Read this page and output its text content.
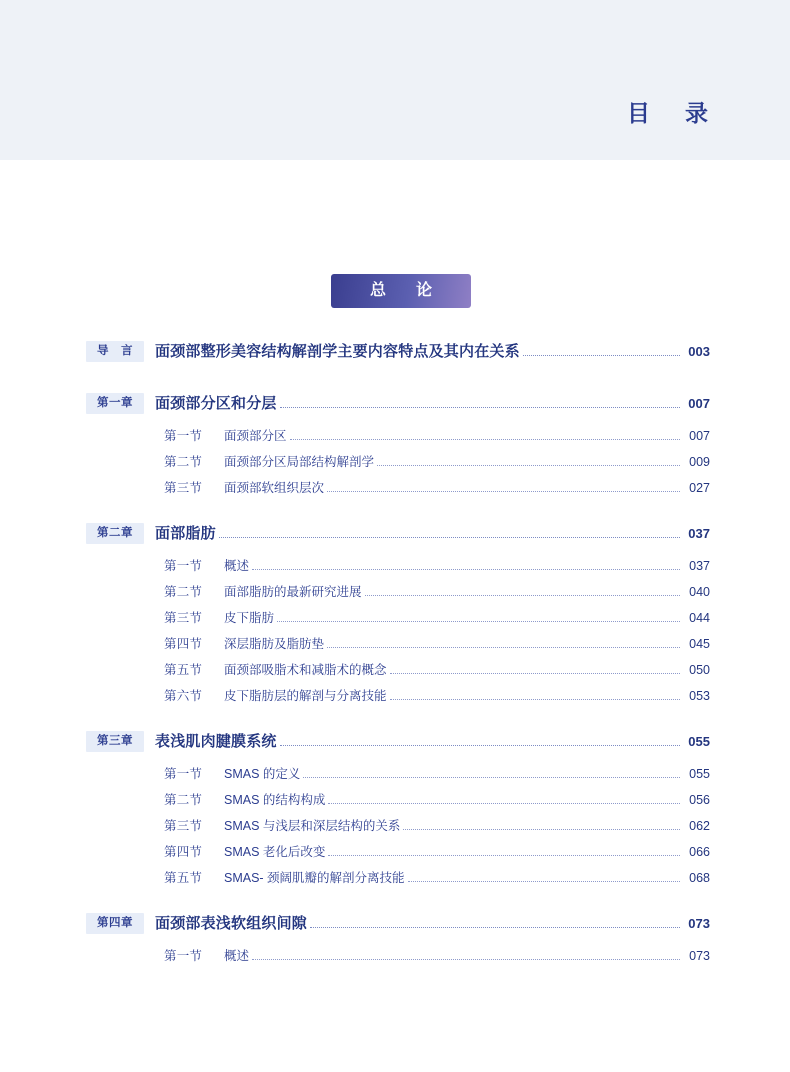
目　录
总　论
导　言	面颈部整形美容结构解剖学主要内容特点及其内在关系	003
第一章	面颈部分区和分层	007
第一节	面颈部分区	007
第二节	面颈部分区局部结构解剖学	009
第三节	面颈部软组织层次	027
第二章	面部脂肪	037
第一节	概述	037
第二节	面部脂肪的最新研究进展	040
第三节	皮下脂肪	044
第四节	深层脂肪及脂肪垫	045
第五节	面颈部吸脂术和减脂术的概念	050
第六节	皮下脂肪层的解剖与分离技能	053
第三章	表浅肌肉腱膜系统	055
第一节	SMAS 的定义	055
第二节	SMAS 的结构构成	056
第三节	SMAS 与浅层和深层结构的关系	062
第四节	SMAS 老化后改变	066
第五节	SMAS- 颈阔肌瓣的解剖分离技能	068
第四章	面颈部表浅软组织间隙	073
第一节	概述	073
